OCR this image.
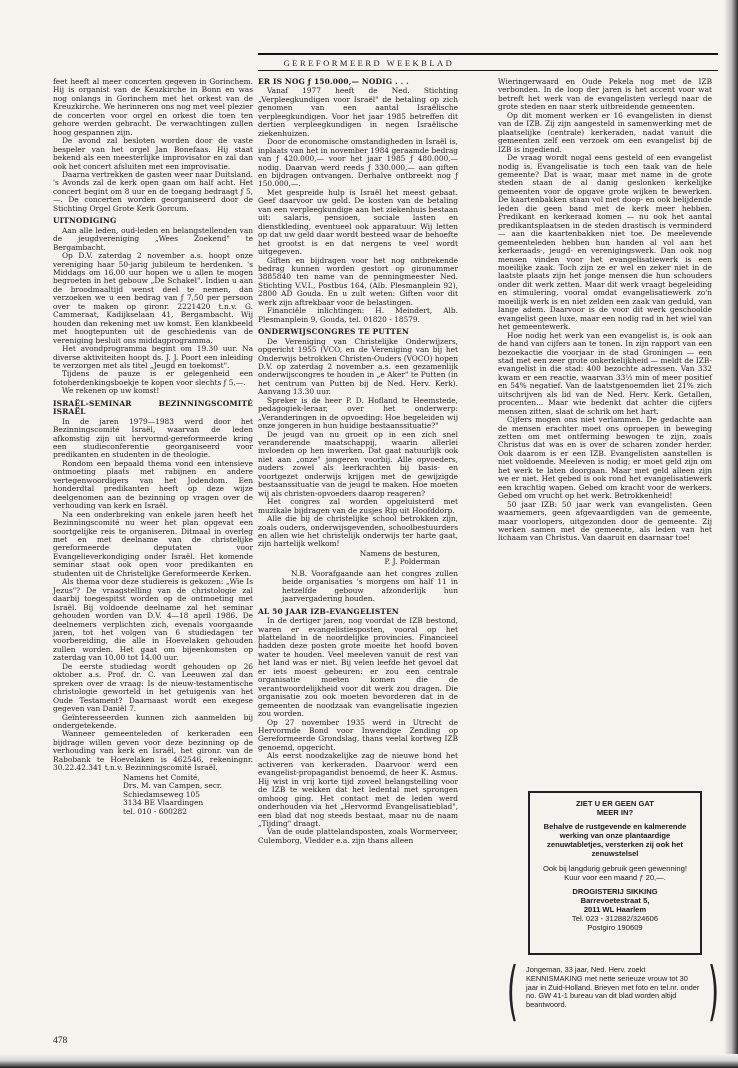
GEREFORMEERD WEEKBLAD

feet heeft al meer concerten gegeven in Gorinchem. Hij is organist van de Keuzkirche in Bonn en was nog onlangs in Gorinchem met het orkest van de Kreuzkirche. We herinneren ons nog met veel plezier de concerten voor orgel en orkest die toen ten gehore werden gebracht. De verwachtingen zullen hoog gespannen zijn.

De avond zal besloten worden door de vaste bespeler van het orgel Jan Bonefaas. Hij staat bekend als een meesterlijke improvisator en zal dan ook het concert afsluiten met een improvisatie.

Daarna vertrekken de gasten weer naar Duitsland. 's Avonds zal de kerk open gaan om half acht. Het concert begint om 8 uur en de toegang bedraagt ƒ 5,—. De concerten worden georganiseerd door de Stichting Orgel Grote Kerk Gorcum.

UITNODIGING

Aan alle leden, oud-leden en belangstellenden van de jeugdvereniging „Wees Zoekend" te Bergambacht.

Op D.V. zaterdag 2 november a.s. hoopt onze vereniging haar 50-jarig jubileum te herdenken. 's Middags om 16.00 uur hopen we u allen te mogen begroeten in het gebouw „De Schakel". Indien u aan de broodmaaltijd wenst deel te nemen, dan verzoeken we u een bedrag van ƒ 7,50 per persoon over te maken op gironr. 2221420 t.n.v. G. Cammeraat, Kadijkselaan 41, Bergambacht. Wij houden dan rekening met uw komst. Een klankbeeld met hoogtepunten uit de geschiedenis van de vereniging besluit ons middagprogramma.

Het avondprogramma begint om 19.30 uur. Na diverse aktiviteiten hoopt ds. J. J. Poort een inleiding te verzorgen met als titel „Jeugd en toekomst".

Tijdens de pauze is er gelegenheid een fotoherdenkingsboekje te kopen voor slechts ƒ 5,—.

We rekenen op uw komst!

ISRAËL-SEMINAR BEZINNINGSCOMITÉ ISRAËL

In de jaren 1979—1983 werd door het Bezinningscomité Israël, waarvan de leden afkomstig zijn uit hervormd-gereformeerde kring een studieconferentie georganiseerd voor predikanten en studenten in de theologie.

Rondom een bepaald thema vond een intensieve ontmoeting plaats met rabijnen en andere vertegenwoordigers van het Jodendom. Een honderdtal predikanten heeft op deze wijze deelgenomen aan de bezinning op vragen over de verhouding van kerk en Israël.

Na een onderbreking van enkele jaren heeft het Bezinningscomité nu weer het plan opgevat een soortgelijke reis te organiseren. Ditmaal in overleg met en met deelname van de christelijke gereformeerde deputaten voor Evangelieverkondiging onder Israël. Het komende seminar staat ook open voor predikanten en studenten uit de Christelijke Gereformeerde Kerken.

Als thema voor deze studiereis is gekozen: „Wie Is Jezus"? De vraagstelling van de christologie zal daarbij toegespitst worden op de ontmoeting met Israël. Bij voldoende deelname zal het seminar gehouden worden van D.V. 4—18 april 1986. De deelnemers verplichten zich, evenals voorgaande jaren, tot het volgen van 6 studiedagen ter voorbereiding, die alle in Hoevelaken gehouden zullen worden. Het gaat om bijeenkomsten op zaterdag van 10.00 tot 14.00 uur.

De eerste studiedag wordt gehouden op 26 oktober a.s. Prof. dr. C. van Leeuwen zal dan spreken over de vraag: Is de nieuw-testamentische christologie geworteld in het getuigenis van het Oude Testament? Daarnaast wordt een exegese gegeven van Daniël 7.

Geïnteresseerden kunnen zich aanmelden bij ondergetekende.

Wanneer gemeenteleden of kerkeraden een bijdrage willen geven voor deze bezinning op de verhouding van kerk en Israël, het gironr. van de Rabobank te Hoevelaken is 462546, rekeningnr. 30.22.42.341 t.n.v. Bezinningscomité Israël.

Namens het Comité,
Drs. M. van Campen, secr.
Schiedamseweg 105
3134 BE Vlaardingen
tel. 010 - 600282
ER IS NOG ƒ 150.000,— NODIG . . .

Vanaf 1977 heeft de Ned. Stichting „Verpleegkundigen voor Israël" de betaling op zich genomen van een aantal Israëlische verpleegkundigen. Voor het jaar 1985 betreffen dit dertien verpleegkundigen in negen Israëlische ziekenhuizen.

Door de economische omstandigheden in Israël is, inplaats van het in november 1984 geraamde bedrag van ƒ 420.000,— voor het jaar 1985 ƒ 480.000,— nodig. Daarvan werd reeds ƒ 330.000,— aan giften en bijdragen ontvangen. Derhalve ontbreekt nog ƒ 150.000,—.

Met gespreide hulp is Israël het meest gebaat. Geef daarvoor uw geld. De kosten van de betaling van een verpleegkundige aan het ziekenhuis bestaan uit: salaris, pensioen, sociale lasten en dienstkleding, eventueel ook apparatuur. Wij letten op dat uw geld daar wordt besteed waar de behoefte het grootst is en dat nergens te veel wordt uitgegeven.

Giften en bijdragen voor het nog ontbrekende bedrag kunnen worden gestort op gironummer 3885840 ten name van de penningmeester Ned. Stichting V.V.I., Postbus 164, (Alb. Plesmanplein 92), 2800 AD Gouda. En u zult weten: Giften voor dit werk zijn aftrekbaar voor de belastingen.

Financiële inlichtingen: H. Meindert, Alb. Plesmanplein 9, Gouda, tel. 01820 - 18579.

ONDERWIJSCONGRES TE PUTTEN

De Vereniging van Christelijke Onderwijzers, opgericht 1955 (VCO, en de Vereniging van bij het Onderwijs betrokken Christen-Ouders (VOCO) hopen D.V. op zaterdag 2 november a.s. een gezamenlijk onderwijscongres te houden in „e Aker" te Putten (in het centrum van Putten bij de Ned. Herv. Kerk). Aanvang 13.30 uur.

Spreker is de heer P. D. Hofland te Heemstede, pedagogiek-leraar, over het onderwerp: „Veranderingen in de opvoeding: Hoe begeleiden wij onze jongeren in hun huidige bestaanssituatie?"

De jeugd van nu groeit op in een zich snel veranderende maatschappij, waarin allerlei invloeden op hen inwerken. Dat gaat natuurlijk ook niet aan „onze" jongeren voorbij. Alle opvoeders, ouders zowel als leerkrachten bij basis- en voortgezet onderwijs krijgen met de gewijzigde bestaanssituatie van de jeugd te maken. Hoe moeten wij als christen-opvoeders daarop reageren?

Het congres zal worden opgeluisterd met muzikale bijdragen van de zusjes Rip uit Hoofddorp.

Alle die bij de christelijke school betrokken zijn, zoals ouders, onderwijsgevenden, schoolbestuurders en allen wie het christelijk onderwijs ter harte gaat, zijn hartelijk welkom!

Namens de besturen,
P. J. Polderman

N.B. Voorafgaande aan het congres zullen beide organisaties 's morgens om half 11 in hetzelfde gebouw afzonderlijk hun jaarvergadering houden.

AL 50 JAAR IZB-EVANGELISTEN

In de dertiger jaren, nog voordat de IZB bestond, waren er evangelistiesposten, vooral op het platteland in de noordelijke provincies. Financieel hadden deze posten grote moeite het hoofd boven water te houden. Veel meeleven vanuit de rest van het land was er niet. Bij velen leefde het gevoel dat er iets moest gebeuren: er zou een centrale organisatie moeten komen die de verantwoordelijkheid voor dit werk zou dragen. Die organisatie zou ook moeten bevorderen dat in de gemeenten de noodzaak van evangelisatie ingezien zou worden.

Op 27 november 1935 werd in Utrecht de Hervormde Bond voor Inwendige Zending op Gereformeerde Grondslag, thans veelal kortweg IZB genoemd, opgericht.

Als eerst noodzakelijke zag de nieuwe bond het activeren van kerkeraden. Daarvoor werd een evangelist-propagandist benoemd, de heer K. Asmus. Hij wist in vrij korte tijd zoveel belangstelling voor de IZB te wekken dat het ledental met sprongen omhoog ging. Het contact met de leden werd onderhouden via het „Hervormd Evangelisatieblad", een blad dat nog steeds bestaat, maar nu de naam „Tijding" draagt.

Van de oude plattelandsposten, zoals Wormerveer, Culemborg, Vledder e.a. zijn thans alleen

Wieringerwaard en Oude Pekela nog met de IZB verbonden. In de loop der jaren is het accent voor wat betreft het werk van de evangelisten verlegd naar de grote steden en naar sterk uitbreidende gemeenten.

Op dit moment werken er 16 evangelisten in dienst van de IZB. Zij zijn aangesteld in samenwerking met de plaatselijke (centrale) kerkeraden, nadat vanuit die gemeenten zelf een verzoek om een evangelist bij de IZB is ingediend.

De vraag wordt nogal eens gesteld of een evangelist nodig is. Evangelisatie is toch een taak van de hele gemeente? Dat is waar, maar met name in de grote steden staan de al danig geslonken kerkelijke gemeenten voor de opgave grote wijken te bewerken. De kaartenbakken staan vol met doop- en ook belijdende leden die geen band met de kerk meer hebben. Predikant en kerkeraad komen — nu ook het aantal predikantsplaatsen in de steden drastisch is verminderd — aan die kaartenbakken niet toe. De meelevende gemeenteleden hebben hun handen al vol aan het kerkeraads-, jeugd- en verenigingswerk. Dan ook nog mensen vinden voor het evangelisatiewerk is een moeilijke zaak. Toch zijn ze er wel en zeker niet in de laatste plaats zijn het jonge mensen die hun schouders onder dit werk zetten. Maar dit werk vraagt begeleiding en stimulering, vooral omdat evangelisatiewerk zo'n moeilijk werk is en niet zelden een zaak van geduld, van lange adem. Daarvoor is de voor dit werk geschoolde evangelist geen luxe, maar een nodig rad in het wiel van het gemeentewerk.

Hoe nodig het werk van een evangelist is, is ook aan de hand van cijfers aan te tonen. In zijn rapport van een bezoekactie die voorjaar in de stad Groningen — een stad met een zeer grote onkerkelijkheid — meldt de IZB-evangelist in die stad: 400 bezochte adressen. Van 332 kwam er een reactie, waarvan 33⅓ min of meer positief en 54% negatief. Van de laatstgenoemden liet 21% zich uitschrijven als lid van de Ned. Herv. Kerk. Getallen, procenten... Maar wie bedenkt dat achter die cijfers mensen zitten, slaat de schrik om het hart.

Cijfers mogen ons niet verlammen. De gedachte aan de mensen erachter moet ons oproepen in beweging zetten om met ontferming bewogen te zijn, zoals Christus dat was en is over de scharen zonder herder. Ook daarom is er een IZB. Evangelisten aanstellen is niet voldoende. Meeleven is nodig; er moet geld zijn om het werk te laten doorgaan. Maar met geld alleen zijn we er niet. Het gebed is ook rond het evangelisatiewerk een krachtig wapen. Gebed om kracht voor de werkers. Gebed om vrucht op het werk. Betrokkenheid!

50 jaar IZB: 50 jaar werk van evangelisten. Geen waarnemers, geen afgevaardigden van de gemeente, maar voorlopers, uitgezonden door de gemeente. Zij werken samen met de gemeente, als leden van het lichaam van Christus. Van daaruit en daarnaar toe!

ZIET U ER GEEN GAT
MEER IN?
Behalve de rustgevende en kalmerende werking van onze plantaardige zenuwtabletjes, versterken zij ook het zenuwstelsel
Ook bij langdurig gebruik geen gewenning!
Kuur voor een maand ƒ 20,—.
DROGISTERIJ SIKKING
Barrevoetestraat 5,
2011 WL Haarlem
Tel. 023 - 312882/324606
Postgiro 190609
( Jongeman, 33 jaar, Ned. Herv. zoekt KENNISMAKING met nette serieuze vrouw tot 30 jaar in Zuid-Holland. Brieven met foto en tel.nr. onder no. GW 41-1 bureau van dit blad worden altijd beantwoord.	)
478
